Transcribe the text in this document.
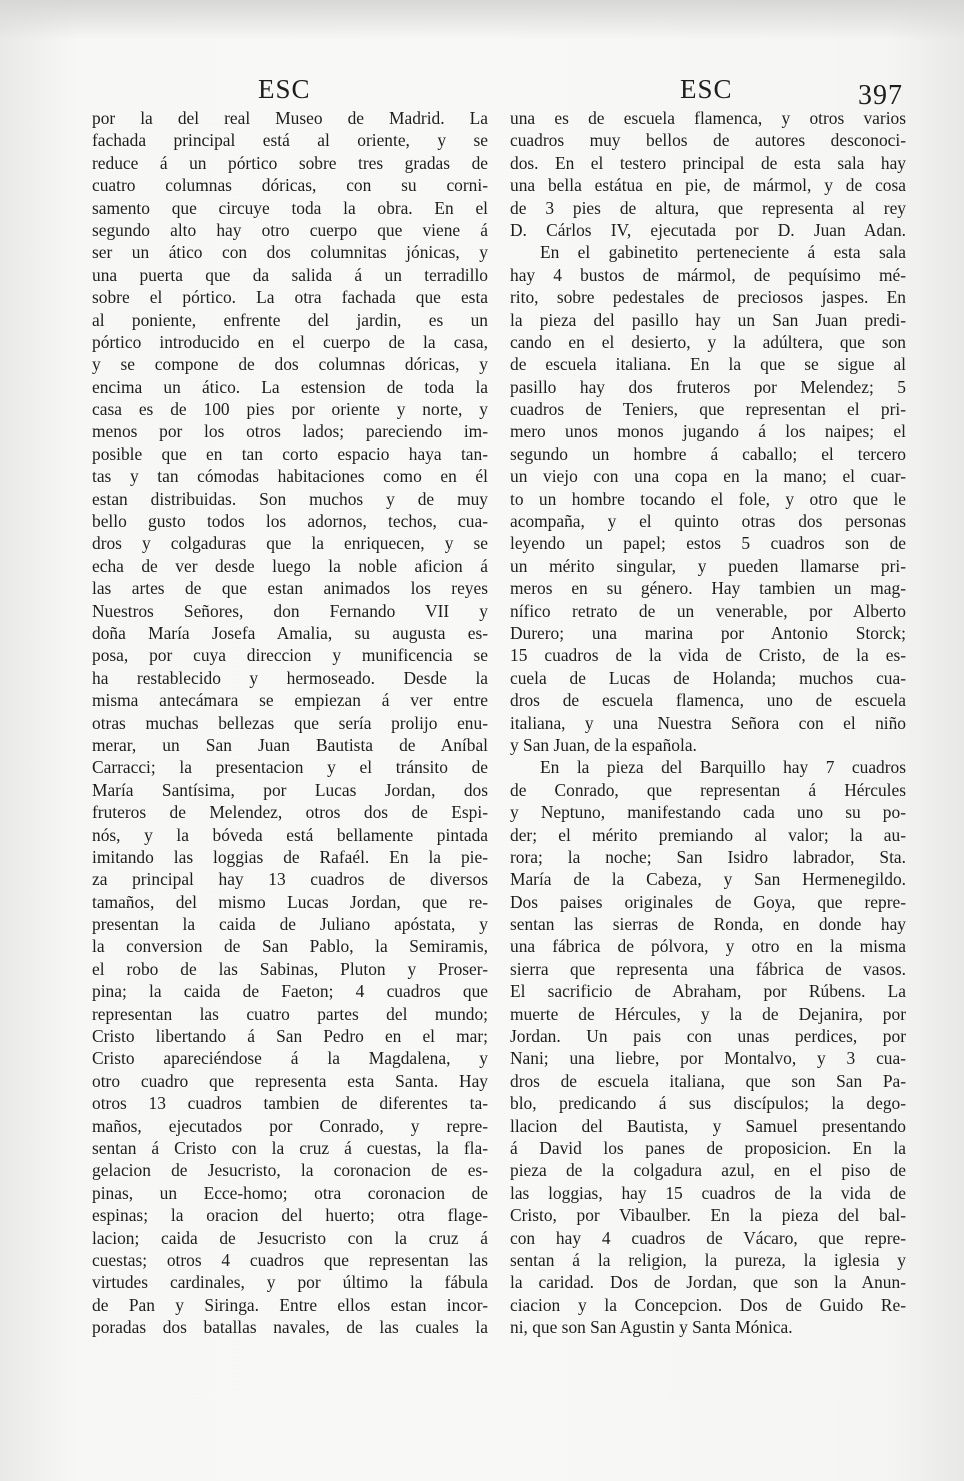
ESC	ESC	397
por la del real Museo de Madrid. La
fachada principal está al oriente, y se
reduce á un pórtico sobre tres gradas de
cuatro columnas dóricas, con su corni-
samento que circuye toda la obra. En el
segundo alto hay otro cuerpo que viene á
ser un ático con dos columnitas jónicas, y
una puerta que da salida á un terradillo
sobre el pórtico. La otra fachada que esta
al poniente, enfrente del jardin, es un
pórtico introducido en el cuerpo de la casa,
y se compone de dos columnas dóricas, y
encima un ático. La estension de toda la
casa es de 100 pies por oriente y norte, y
menos por los otros lados; pareciendo im-
posible que en tan corto espacio haya tan-
tas y tan cómodas habitaciones como en él
estan distribuidas. Son muchos y de muy
bello gusto todos los adornos, techos, cua-
dros y colgaduras que la enriquecen, y se
echa de ver desde luego la noble aficion á
las artes de que estan animados los reyes
Nuestros Señores, don Fernando VII y
doña María Josefa Amalia, su augusta es-
posa, por cuya direccion y munificencia se
ha restablecido y hermoseado. Desde la
misma antecámara se empiezan á ver entre
otras muchas bellezas que sería prolijo enu-
merar, un San Juan Bautista de Aníbal
Carracci; la presentacion y el tránsito de
María Santísima, por Lucas Jordan, dos
fruteros de Melendez, otros dos de Espi-
nós, y la bóveda está bellamente pintada
imitando las loggias de Rafaél. En la pie-
za principal hay 13 cuadros de diversos
tamaños, del mismo Lucas Jordan, que re-
presentan la caida de Juliano apóstata, y
la conversion de San Pablo, la Semiramis,
el robo de las Sabinas, Pluton y Proser-
pina; la caida de Faeton; 4 cuadros que
representan las cuatro partes del mundo;
Cristo libertando á San Pedro en el mar;
Cristo apareciéndose á la Magdalena, y
otro cuadro que representa esta Santa. Hay
otros 13 cuadros tambien de diferentes ta-
maños, ejecutados por Conrado, y repre-
sentan á Cristo con la cruz á cuestas, la fla-
gelacion de Jesucristo, la coronacion de es-
pinas, un Ecce-homo; otra coronacion de
espinas; la oracion del huerto; otra flage-
lacion; caida de Jesucristo con la cruz á
cuestas; otros 4 cuadros que representan las
virtudes cardinales, y por último la fábula
de Pan y Siringa. Entre ellos estan incor-
poradas dos batallas navales, de las cuales la
una es de escuela flamenca, y otros varios
cuadros muy bellos de autores desconoci-
dos. En el testero principal de esta sala hay
una bella estátua en pie, de mármol, y de cosa
de 3 pies de altura, que representa al rey
D. Cárlos IV, ejecutada por D. Juan Adan.
En el gabinetito perteneciente á esta sala
hay 4 bustos de mármol, de pequísimo mé-
rito, sobre pedestales de preciosos jaspes. En
la pieza del pasillo hay un San Juan predi-
cando en el desierto, y la adúltera, que son
de escuela italiana. En la que se sigue al
pasillo hay dos fruteros por Melendez; 5
cuadros de Teniers, que representan el pri-
mero unos monos jugando á los naipes; el
segundo un hombre á caballo; el tercero
un viejo con una copa en la mano; el cuar-
to un hombre tocando el fole, y otro que le
acompaña, y el quinto otras dos personas
leyendo un papel; estos 5 cuadros son de
un mérito singular, y pueden llamarse pri-
meros en su género. Hay tambien un mag-
nífico retrato de un venerable, por Alberto
Durero; una marina por Antonio Storck;
15 cuadros de la vida de Cristo, de la es-
cuela de Lucas de Holanda; muchos cua-
dros de escuela flamenca, uno de escuela
italiana, y una Nuestra Señora con el niño
y San Juan, de la española.
En la pieza del Barquillo hay 7 cuadros
de Conrado, que representan á Hércules
y Neptuno, manifestando cada uno su po-
der; el mérito premiando al valor; la au-
rora; la noche; San Isidro labrador, Sta.
María de la Cabeza, y San Hermenegildo.
Dos paises originales de Goya, que repre-
sentan las sierras de Ronda, en donde hay
una fábrica de pólvora, y otro en la misma
sierra que representa una fábrica de vasos.
El sacrificio de Abraham, por Rúbens. La
muerte de Hércules, y la de Dejanira, por
Jordan. Un pais con unas perdices, por
Nani; una liebre, por Montalvo, y 3 cua-
dros de escuela italiana, que son San Pa-
blo, predicando á sus discípulos; la dego-
llacion del Bautista, y Samuel presentando
á David los panes de proposicion. En la
pieza de la colgadura azul, en el piso de
las loggias, hay 15 cuadros de la vida de
Cristo, por Vibaulber. En la pieza del bal-
con hay 4 cuadros de Vácaro, que repre-
sentan á la religion, la pureza, la iglesia y
la caridad. Dos de Jordan, que son la Anun-
ciacion y la Concepcion. Dos de Guido Re-
ni, que son San Agustin y Santa Mónica.
